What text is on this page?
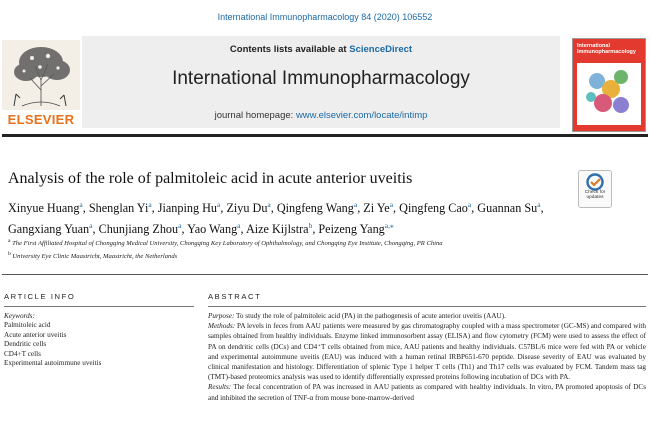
International Immunopharmacology 84 (2020) 106552
ELSEVIER
Contents lists available at ScienceDirect
International Immunopharmacology
journal homepage: www.elsevier.com/locate/intimp
International Immunopharmacology
Analysis of the role of palmitoleic acid in acute anterior uveitis
Check for updates
Xinyue Huang$^a$, Shenglan Yi$^a$, Jianping Hu$^a$, Ziyu Du$^a$, Qingfeng Wang$^a$, Zi Ye$^a$, Qingfeng Cao$^a$, Guannan Su$^a$, Gangxiang Yuan$^a$, Chunjiang Zhou$^a$, Yao Wang$^a$, Aize Kijlstra$^b$, Peizeng Yang$^{a,⁎}$
$^a$ The First Affiliated Hospital of Chongqing Medical University, Chongqing Key Laboratory of Ophthalmology, and Chongqing Eye Institute, Chongqing, PR China
$^b$ University Eye Clinic Maastricht, Maastricht, the Netherlands
ARTICLE INFO	ABSTRACT
Keywords:
Palmitoleic acid
Acute anterior uveitis
Dendritic cells
CD4+T cells
Experimental autoimmune uveitis

Purpose: To study the role of palmitoleic acid (PA) in the pathogenesis of acute anterior uveitis (AAU).

Methods: PA levels in feces from AAU patients were measured by gas chromatography coupled with a mass spectrometer (GC-MS) and compared with samples obtained from healthy individuals. Enzyme linked immunosorbent assay (ELISA) and flow cytometry (FCM) were used to assess the effect of PA on dendritic cells (DCs) and CD4⁺T cells obtained from mice, AAU patients and healthy individuals. C57BL/6 mice were fed with PA or vehicle and experimental autoimmune uveitis (EAU) was induced with a human retinal IRBP651-670 peptide. Disease severity of EAU was evaluated by clinical manifestation and histology. Differentiation of splenic Type 1 helper T cells (Th1) and Th17 cells was evaluated by FCM. Tandem mass tag (TMT)-based proteomics analysis was used to identify differentially expressed proteins following incubation of DCs with PA.

Results: The fecal concentration of PA was increased in AAU patients as compared with healthy individuals. In vitro, PA promoted apoptosis of DCs and inhibited the secretion of TNF-α from mouse bone-marrow-derived
